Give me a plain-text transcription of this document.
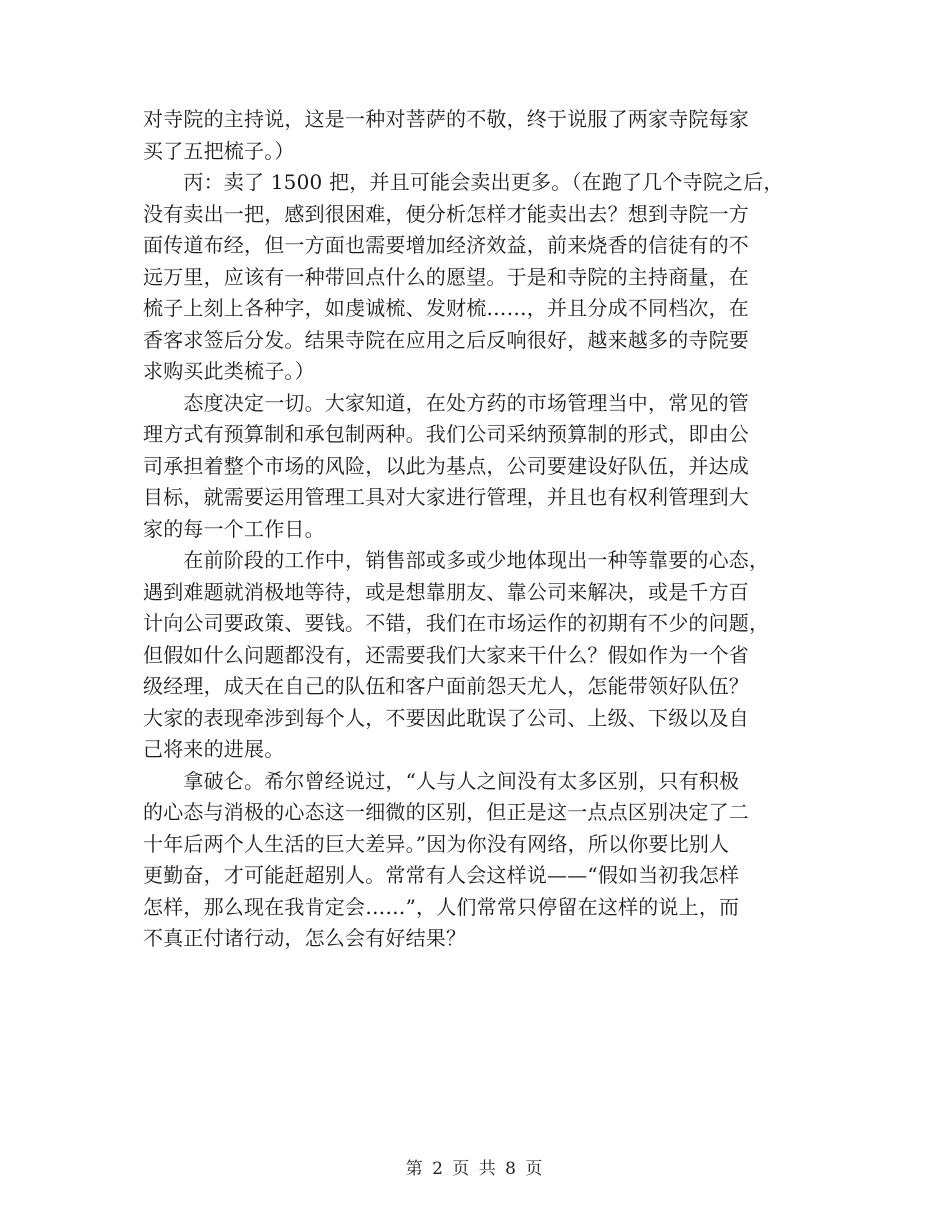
对寺院的主持说，这是一种对菩萨的不敬，终于说服了两家寺院每家
买了五把梳子。）
　　丙：卖了 1500 把，并且可能会卖出更多。（在跑了几个寺院之后，
没有卖出一把，感到很困难，便分析怎样才能卖出去？想到寺院一方
面传道布经，但一方面也需要增加经济效益，前来烧香的信徒有的不
远万里，应该有一种带回点什么的愿望。于是和寺院的主持商量，在
梳子上刻上各种字，如虔诚梳、发财梳……，并且分成不同档次，在
香客求签后分发。结果寺院在应用之后反响很好，越来越多的寺院要
求购买此类梳子。）
　　态度决定一切。大家知道，在处方药的市场管理当中，常见的管
理方式有预算制和承包制两种。我们公司采纳预算制的形式，即由公
司承担着整个市场的风险，以此为基点，公司要建设好队伍，并达成
目标，就需要运用管理工具对大家进行管理，并且也有权利管理到大
家的每一个工作日。
　　在前阶段的工作中，销售部或多或少地体现出一种等靠要的心态，
遇到难题就消极地等待，或是想靠朋友、靠公司来解决，或是千方百
计向公司要政策、要钱。不错，我们在市场运作的初期有不少的问题，
但假如什么问题都没有，还需要我们大家来干什么？假如作为一个省
级经理，成天在自己的队伍和客户面前怨天尤人，怎能带领好队伍？
大家的表现牵涉到每个人，不要因此耽误了公司、上级、下级以及自
己将来的进展。
　　拿破仑。希尔曾经说过，“人与人之间没有太多区别，只有积极
的心态与消极的心态这一细微的区别，但正是这一点点区别决定了二
十年后两个人生活的巨大差异。”因为你没有网络，所以你要比别人
更勤奋，才可能赶超别人。常常有人会这样说——“假如当初我怎样
怎样，那么现在我肯定会……”，人们常常只停留在这样的说上，而
不真正付诸行动，怎么会有好结果？
第 2 页 共 8 页
